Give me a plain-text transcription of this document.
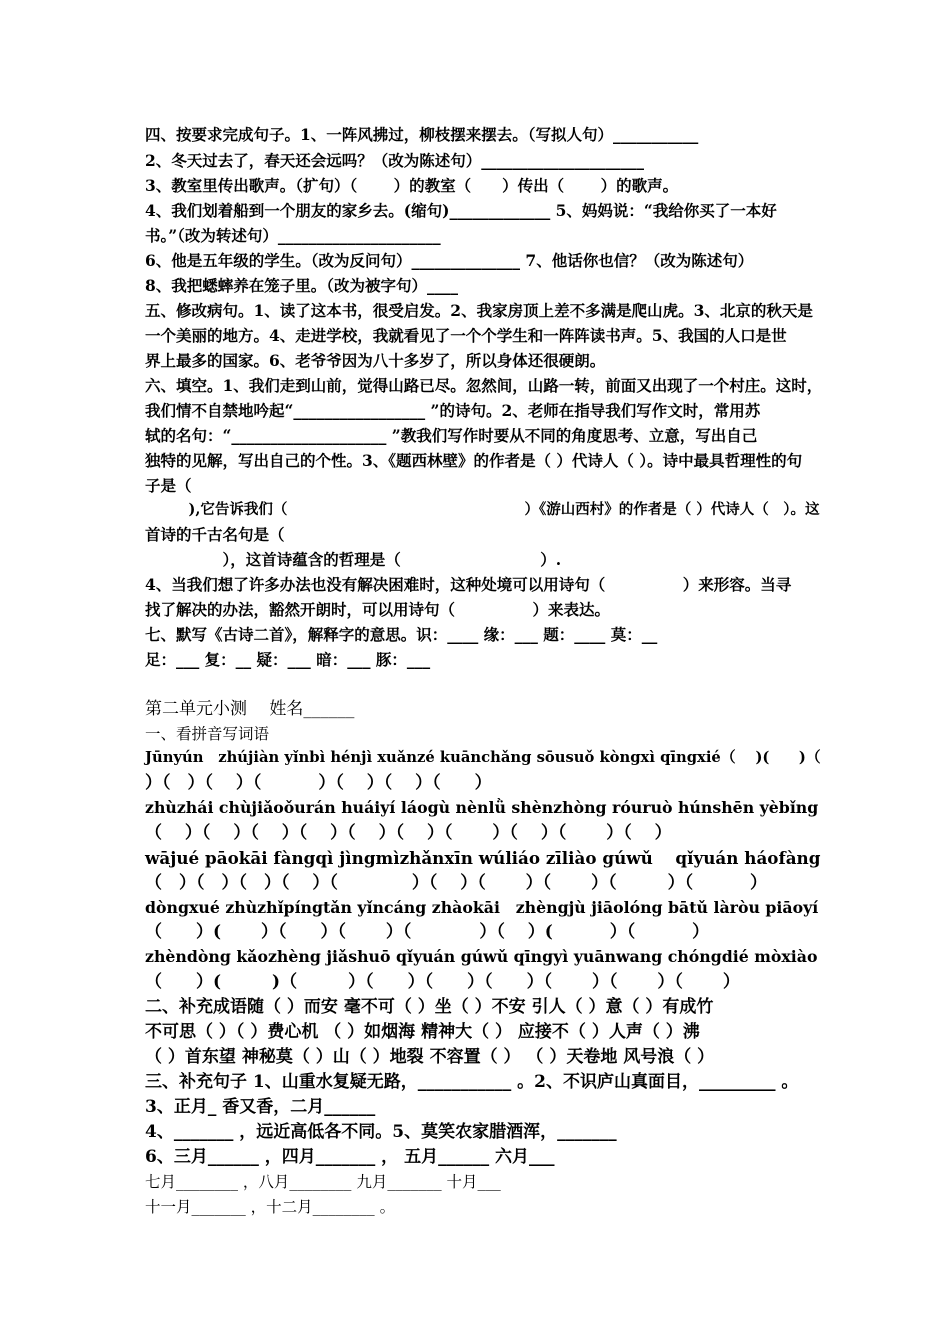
四、按要求完成句子。1、一阵风拂过，柳枝摆来摆去。（写拟人句）___________
2、冬天过去了，春天还会远吗？（改为陈述句）_____________________
3、教室里传出歌声。（扩句）（　　 ）的教室（　　）传出（　　 ）的歌声。
4、我们划着船到一个朋友的家乡去。(缩句)_____________ 5、妈妈说：“我给你买了一本好
书。”（改为转述句）_____________________
6、他是五年级的学生。（改为反问句）______________ 7、他话你也信？（改为陈述句）
8、我把蟋蟀养在笼子里。（改为被字句）____
五、修改病句。1、读了这本书，很受启发。2、我家房顶上差不多满是爬山虎。3、北京的秋天是
一个美丽的地方。4、走进学校，我就看见了一个个学生和一阵阵读书声。5、我国的人口是世
界上最多的国家。6、老爷爷因为八十多岁了，所以身体还很硬朗。
六、填空。1、我们走到山前，觉得山路已尽。忽然间，山路一转，前面又出现了一个村庄。这时，
我们情不自禁地吟起“_________________ ”的诗句。2、老师在指导我们写作文时，常用苏
轼的名句：“____________________ ”教我们写作时要从不同的角度思考、立意，写出自己
独特的见解，写出自己的个性。3、《题西林壁》的作者是（ ）代诗人（ ）。诗中最具哲理性的句
子是（
　　　),它告诉我们（　　　　　　　　　　　　　　　　 ）《游山西村》的作者是（ ）代诗人（　）。这
首诗的千古名句是（
　　　　　），这首诗蕴含的哲理是（　　　　　　　　　）.
4、当我们想了许多办法也没有解决困难时，这种处境可以用诗句（　　　　　）来形容。当寻
找了解决的办法，豁然开朗时，可以用诗句（　　　　　）来表达。
七、默写《古诗二首》，解释字的意思。识：____ 缘：___ 题：____ 莫：__
足：___ 复：__ 疑：___ 暗：___ 豚：___
第二单元小测　 姓名______
一、看拼音写词语
Jūnyún　zhújiàn yǐnbì hénjì xuǎnzé kuānchǎng sōusuǒ kòngxì qīngxié（　 )(　　)（
）（　）（　 ）（　　　 ）（　 ）（　 ）（　　）
zhùzhái chùjiǎoǒurán huáiyí láogù nènlǜ shènzhòng róuruò húnshēn yèbǐng
（　 ）（　 ）（　 ）（　 ）（　 ）（　 ）（　　 ）（　 ）（　　 ）（　 ）
wājué pāokāi fàngqì jìngmìzhǎnxīn wúliáo zīliào gúwǔ　 qǐyuán háofàng
（　）（　）（　）（　 ）（　　　　 ）（　 ）（　　 ）（　　 ）（　　　）（　　　 ）
dòngxué zhùzhǐpíngtǎn yǐncáng zhàokāi　zhèngjù jiāolóng bātǔ làròu piāoyí
（　　）(　　 ）（　　）（　　 ）（　　　　）（　 ）(　　　 ）（　　　 ）
zhèndòng kǎozhèng jiǎshuō qǐyuán gúwǔ qīngyì yuānwang chóngdié mòxiào
（　　）(　　　)（　　　）（　　）（　　）（　　）（　　 ）（　　 ）（　　 ）
二、补充成语随（ ）而安 毫不可（ ）坐（ ）不安 引人（ ）意（ ）有成竹
不可思（ ）（ ）费心机 （ ）如烟海 精神大（ ） 应接不（ ）人声（ ）沸
（ ）首东望 神秘莫（ ）山（ ）地裂 不容置（ ） （ ）天卷地 风号浪（ ）
三、补充句子 1、山重水复疑无路，___________ 。2、不识庐山真面目，_________ 。
3、正月_ 香又香，二月______
4、_______ ，远近高低各不同。5、莫笑农家腊酒浑，_______
6、三月______ ，四月_______ ， 五月______ 六月___
七月________ ，八月________ 九月_______ 十月___
十一月_______ ，十二月________ 。
